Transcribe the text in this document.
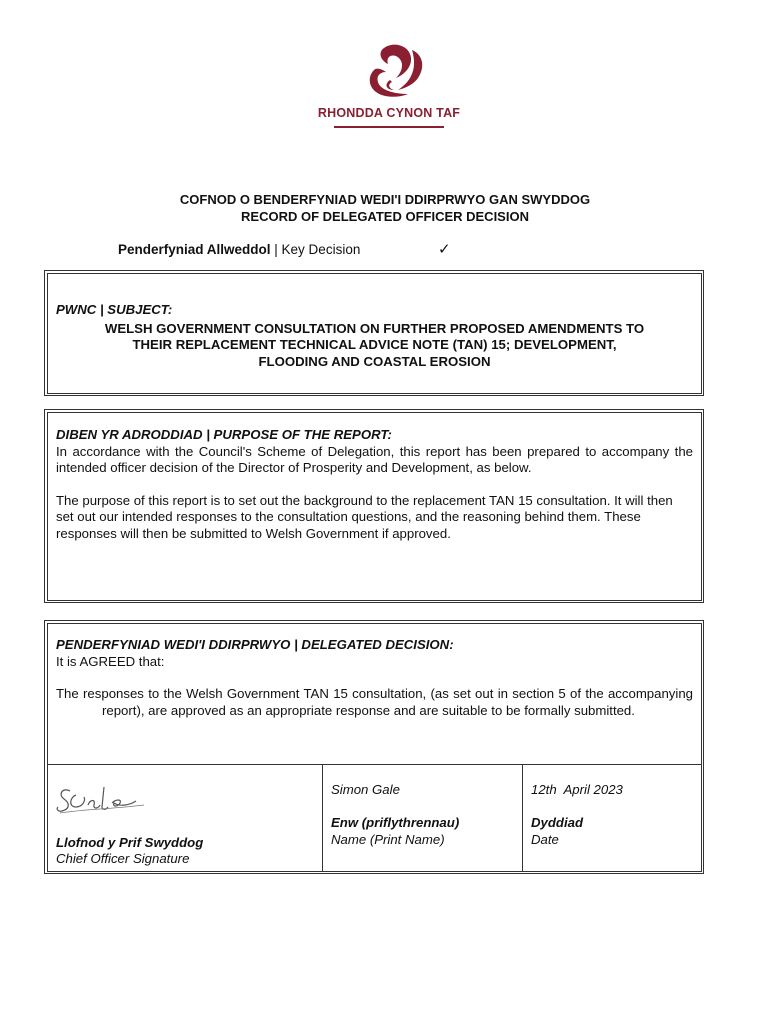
RHONDDA CYNON TAF
COFNOD O BENDERFYNIAD WEDI'I DDIRPRWYO GAN SWYDDOG
RECORD OF DELEGATED OFFICER DECISION
Penderfyniad Allweddol | Key Decision	✓
PWNC | SUBJECT:
WELSH GOVERNMENT CONSULTATION ON FURTHER PROPOSED AMENDMENTS TO
THEIR REPLACEMENT TECHNICAL ADVICE NOTE (TAN) 15; DEVELOPMENT,
FLOODING AND COASTAL EROSION
DIBEN YR ADRODDIAD | PURPOSE OF THE REPORT:

In accordance with the Council's Scheme of Delegation, this report has been prepared to accompany the intended officer decision of the Director of Prosperity and Development, as below.

The purpose of this report is to set out the background to the replacement TAN 15 consultation. It will then set out our intended responses to the consultation questions, and the reasoning behind them. These responses will then be submitted to Welsh Government if approved.

PENDERFYNIAD WEDI'I DDIRPRWYO | DELEGATED DECISION:
It is AGREED that:

The responses to the Welsh Government TAN 15 consultation, (as set out in section 5 of the accompanying report), are approved as an appropriate response and are suitable to be formally submitted.

Llofnod y Prif Swyddog
Chief Officer Signature
Simon Gale
Enw (priflythrennau)
Name (Print Name)
12th  April 2023
Dyddiad
Date
